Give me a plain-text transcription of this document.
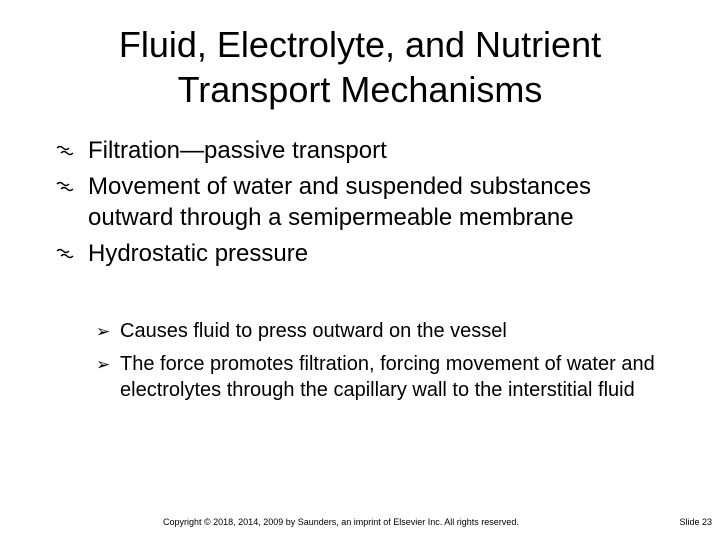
Fluid, Electrolyte, and Nutrient
Transport Mechanisms
Filtration—passive transport
Movement of water and suspended substances outward through a semipermeable membrane
Hydrostatic pressure
➢ Causes fluid to press outward on the vessel
➢ The force promotes filtration, forcing movement of water and electrolytes through the capillary wall to the interstitial fluid
Copyright © 2018, 2014, 2009 by Saunders, an imprint of Elsevier Inc. All rights reserved.	Slide 23
